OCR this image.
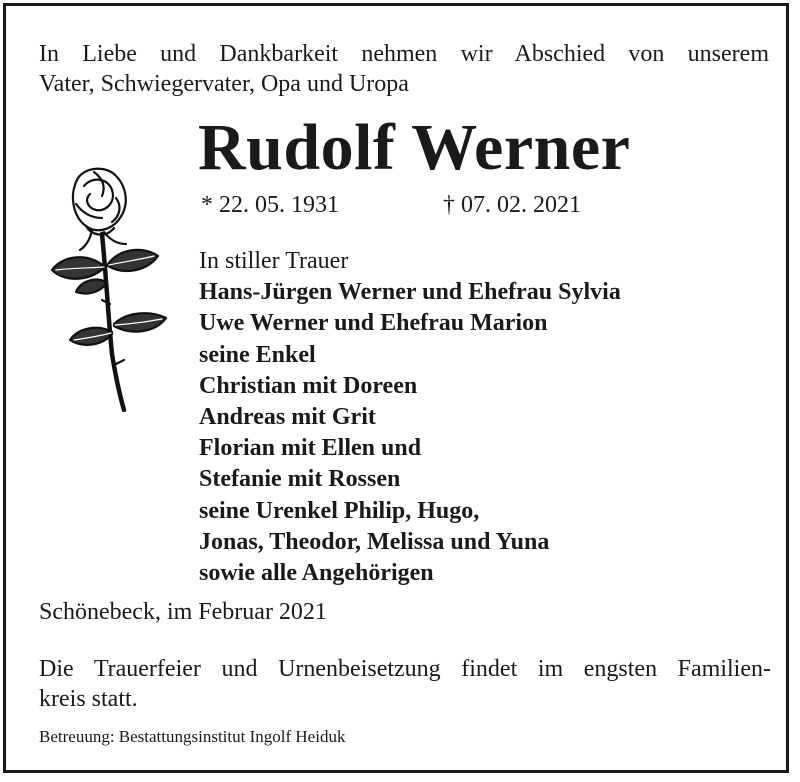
In Liebe und Dankbarkeit nehmen wir Abschied von unserem
Vater, Schwiegervater, Opa und Uropa
Rudolf Werner
* 22. 05. 1931	† 07. 02. 2021
In stiller Trauer
Hans-Jürgen Werner und Ehefrau Sylvia
Uwe Werner und Ehefrau Marion
seine Enkel
Christian mit Doreen
Andreas mit Grit
Florian mit Ellen und
Stefanie mit Rossen
seine Urenkel Philip, Hugo,
Jonas, Theodor, Melissa und Yuna
sowie alle Angehörigen
Schönebeck, im Februar 2021
Die Trauerfeier und Urnenbeisetzung findet im engsten Familien-
kreis statt.
Betreuung: Bestattungsinstitut Ingolf Heiduk
